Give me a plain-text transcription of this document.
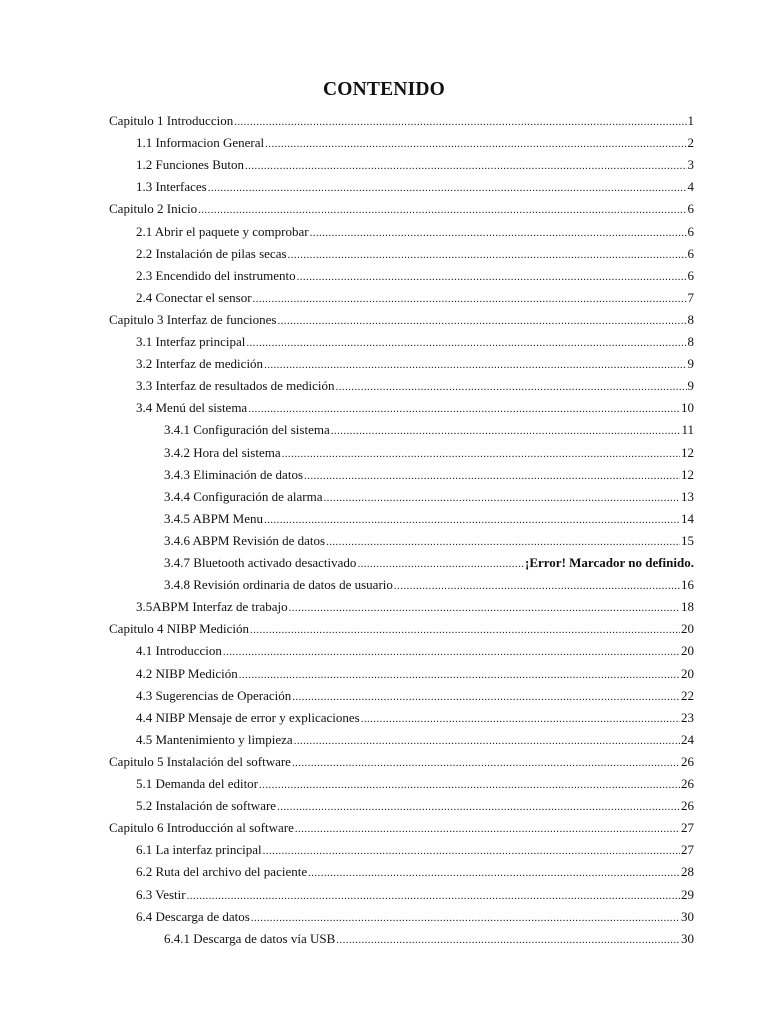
CONTENIDO
Capitulo 1 Introduccion .....	1
1.1 Informacion General .....	2
1.2 Funciones Buton .....	3
1.3 Interfaces .....	4
Capitulo 2 Inicio .....	6
2.1 Abrir el paquete y comprobar .....	6
2.2 Instalación de pilas secas .....	6
2.3 Encendido del instrumento .....	6
2.4 Conectar el sensor .....	7
Capitulo 3 Interfaz de funciones .....	8
3.1 Interfaz principal .....	8
3.2 Interfaz de medición .....	9
3.3 Interfaz de resultados de medición .....	9
3.4 Menú del sistema .....	10
3.4.1 Configuración del sistema .....	11
3.4.2 Hora del sistema .....	12
3.4.3 Eliminación de datos .....	12
3.4.4 Configuración de alarma .....	13
3.4.5 ABPM Menu .....	14
3.4.6 ABPM Revisión de datos .....	15
3.4.7 Bluetooth activado desactivado .....	¡Error! Marcador no definido.
3.4.8 Revisión ordinaria de datos de usuario .....	16
3.5ABPM Interfaz de trabajo .....	18
Capitulo 4 NIBP Medición .....	20
4.1 Introduccion .....	20
4.2 NIBP Medición .....	20
4.3 Sugerencias de Operación .....	22
4.4 NIBP Mensaje de error y explicaciones .....	23
4.5 Mantenimiento y limpieza .....	24
Capitulo 5 Instalación del software .....	26
5.1 Demanda del editor .....	26
5.2 Instalación de software .....	26
Capitulo 6 Introducción al software .....	27
6.1 La interfaz principal .....	27
6.2 Ruta del archivo del paciente .....	28
6.3 Vestir .....	29
6.4 Descarga de datos .....	30
6.4.1 Descarga de datos vía USB .....	30
